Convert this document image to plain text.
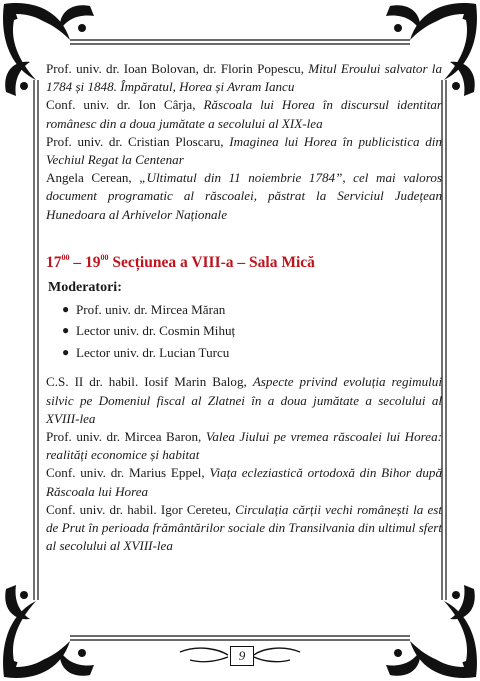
Prof. univ. dr. Ioan Bolovan, dr. Florin Popescu, Mitul Eroului salvator la 1784 și 1848. Împăratul, Horea și Avram Iancu
Conf. univ. dr. Ion Cârja, Răscoala lui Horea în discursul identitar românesc din a doua jumătate a secolului al XIX-lea
Prof. univ. dr. Cristian Ploscaru, Imaginea lui Horea în publicistica din Vechiul Regat la Centenar
Angela Cerean, „Ultimatul din 11 noiembrie 1784”, cel mai valoros document programatic al răscoalei, păstrat la Serviciul Județean Hunedoara al Arhivelor Naționale
$17^{00} - 19^{00}$ Secțiunea a VIII-a – Sala Mică
Moderatori:
● Prof. univ. dr. Mircea Măran
● Lector univ. dr. Cosmin Mihuț
● Lector univ. dr. Lucian Turcu
C.S. II dr. habil. Iosif Marin Balog, Aspecte privind evoluția regimului silvic pe Domeniul fiscal al Zlatnei în a doua jumătate a secolului al XVIII-lea
Prof. univ. dr. Mircea Baron, Valea Jiului pe vremea răscoalei lui Horea: realități economice și habitat
Conf. univ. dr. Marius Eppel, Viața ecleziastică ortodoxă din Bihor după Răscoala lui Horea
Conf. univ. dr. habil. Igor Cereteu, Circulația cărții vechi românești la est de Prut în perioada frământărilor sociale din Transilvania din ultimul sfert al secolului al XVIII-lea
9
